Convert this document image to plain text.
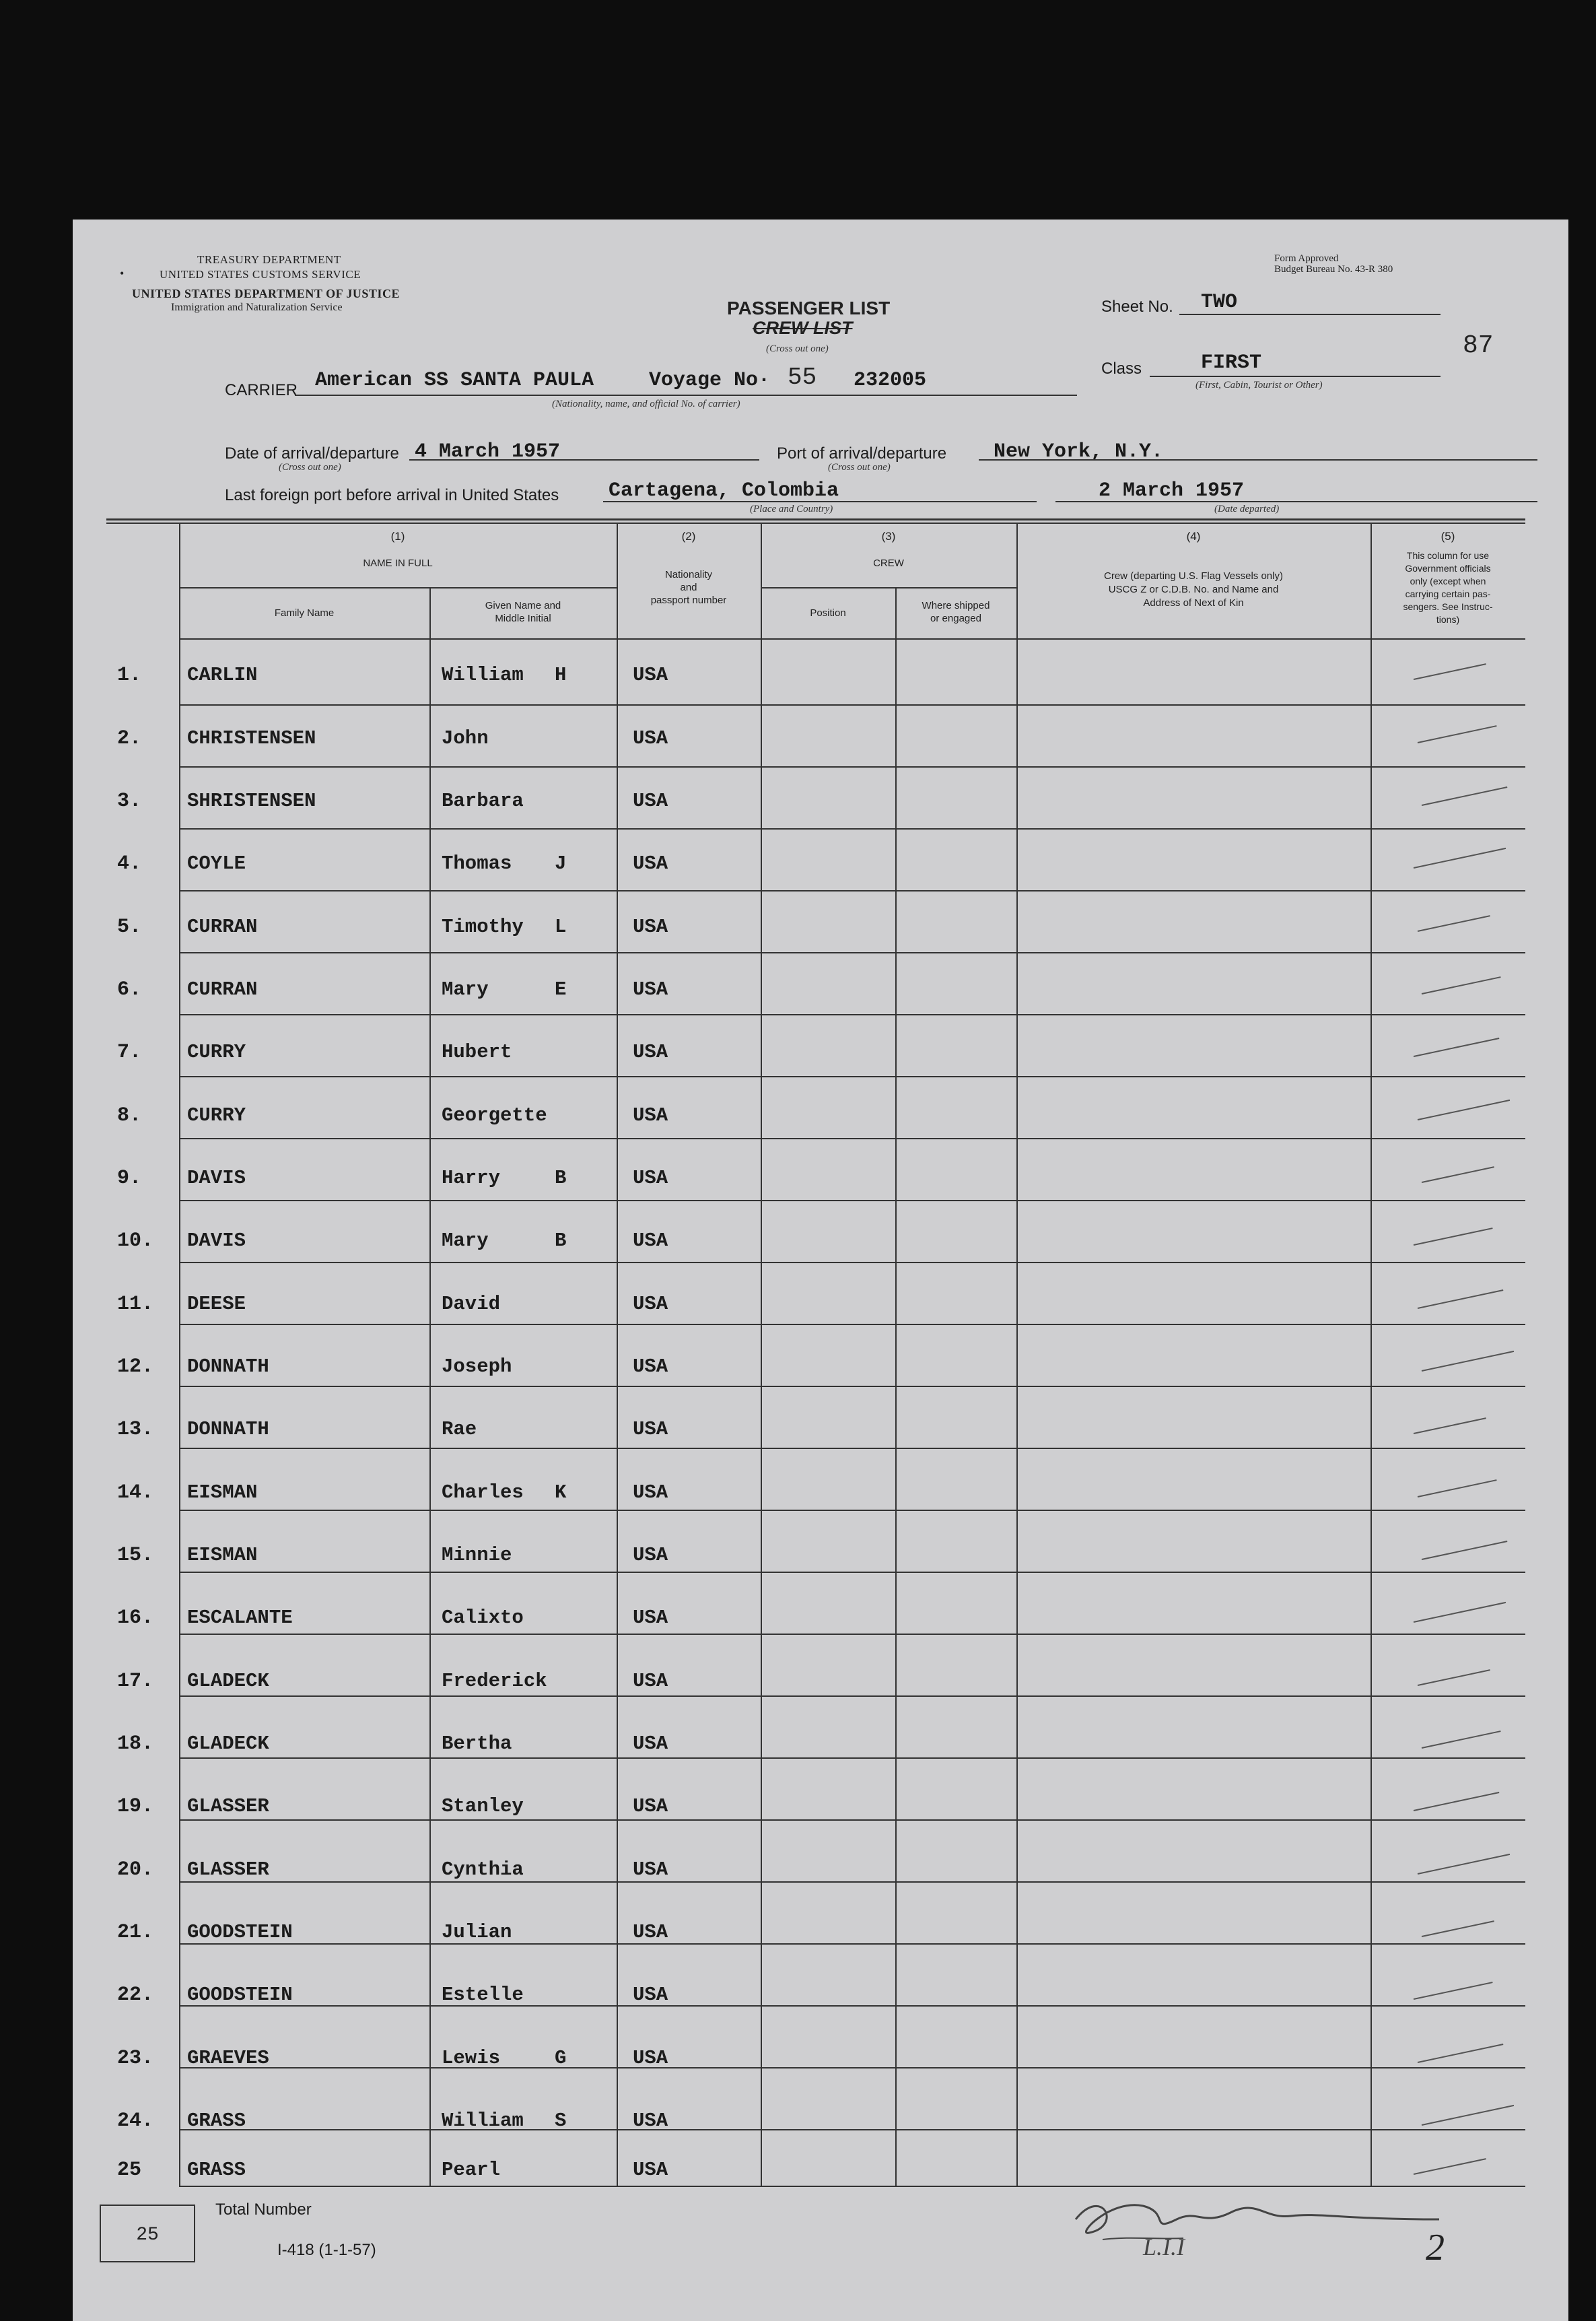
TREASURY DEPARTMENT
•	UNITED STATES CUSTOMS SERVICE
UNITED STATES DEPARTMENT OF JUSTICE
Immigration and Naturalization Service
Form Approved
Budget Bureau No. 43-R 380
PASSENGER LIST
CREW LIST
(Cross out one)
Sheet No. TWO
Class	FIRST
(First, Cabin, Tourist or Other)
87
CARRIER American SS SANTA PAULA	Voyage No· 55 232005
(Nationality, name, and official No. of carrier)
Date of arrival/departure 4 March 1957
(Cross out one)
Port of arrival/departure New York, N.Y.
(Cross out one)
Last foreign port before arrival in United States Cartagena, Colombia
(Place and Country)
2 March 1957
(Date departed)
(1)
NAME IN FULL
Family Name
Given Name and
Middle Initial
(2)
Nationality
and
passport number
(3)
CREW
Position
Where shipped
or engaged
(4)
Crew (departing U.S. Flag Vessels only)
USCG Z or C.D.B. No. and Name and
Address of Next of Kin
(5)
This column for use
Government officials
only (except when
carrying certain pas-
sengers. See Instruc-
tions)
1. CARLIN	William H	USA
2. CHRISTENSEN	John	USA
3. SHRISTENSEN	Barbara	USA
4. COYLE	Thomas J	USA
5. CURRAN	Timothy L	USA
6. CURRAN	Mary	E	USA
7. CURRY	Hubert	USA
8. CURRY	Georgette	USA
9. DAVIS	Harry	B	USA
10. DAVIS	Mary	B	USA
11. DEESE	David	USA
12. DONNATH	Joseph	USA
13. DONNATH	Rae	USA
14. EISMAN	Charles K	USA
15. EISMAN	Minnie	USA
16. ESCALANTE	Calixto	USA
17. GLADECK	Frederick	USA
18. GLADECK	Bertha	USA
19. GLASSER	Stanley	USA
20. GLASSER	Cynthia	USA
21. GOODSTEIN	Julian	USA
22. GOODSTEIN	Estelle	USA
23. GRAEVES	Lewis	G	USA
24. GRASS	William S	USA
25 GRASS	Pearl	USA
25
Total Number
I-418 (1-1-57)	L.I.I	2
